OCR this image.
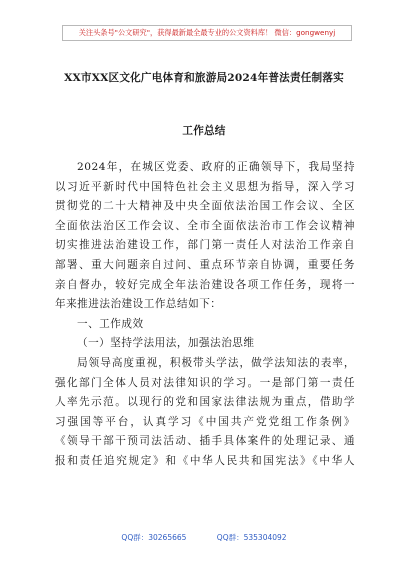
关注头条号"公文研究"，获得最新最全最专业的公文资料库！ 微信：gongwenyj
XX市XX区文化广电体育和旅游局2024年普法责任制落实
工作总结
2024年，在城区党委、政府的正确领导下，我局坚持
以习近平新时代中国特色社会主义思想为指导，深入学习
贯彻党的二十大精神及中央全面依法治国工作会议、全区
全面依法治区工作会议、全市全面依法治市工作会议精神
切实推进法治建设工作，部门第一责任人对法治工作亲自
部署、重大问题亲自过问、重点环节亲自协调，重要任务
亲自督办，较好完成全年法治建设各项工作任务，现将一
年来推进法治建设工作总结如下：
一、工作成效
（一）坚持学法用法，加强法治思维
局领导高度重视，积极带头学法，做学法知法的表率，
强化部门全体人员对法律知识的学习。一是部门第一责任
人率先示范。以现行的党和国家法律法规为重点，借助学
习强国等平台，认真学习《中国共产党党组工作条例》
《领导干部干预司法活动、插手具体案件的处理记录、通
报和责任追究规定》和《中华人民共和国宪法》《中华人
QQ群：30265665	QQ群：535304092
